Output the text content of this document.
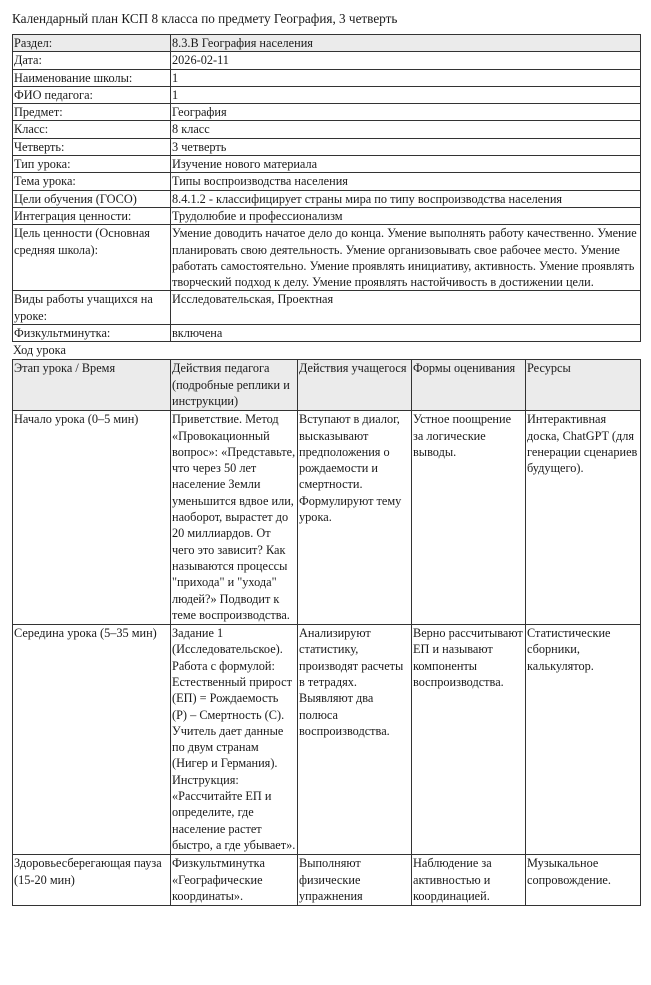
Календарный план КСП 8 класса по предмету География, 3 четверть
Раздел:	8.3.В География населения
Дата:	2026-02-11
Наименование школы:	1
ФИО педагога:	1
Предмет:	География
Класс:	8 класс
Четверть:	3 четверть
Тип урока:	Изучение нового материала
Тема урока:	Типы воспроизводства населения
Цели обучения (ГОСО)	8.4.1.2 - классифицирует страны мира по типу воспроизводства населения
Интеграция ценности:	Трудолюбие и профессионализм
Цель ценности (Основная средняя школа):	Умение доводить начатое дело до конца. Умение выполнять работу качественно. Умение планировать свою деятельность. Умение организовывать свое рабочее место. Умение работать самостоятельно. Умение проявлять инициативу, активность. Умение проявлять творческий подход к делу. Умение проявлять настойчивость в достижении цели.
Виды работы учащихся на уроке:	Исследовательская, Проектная
Физкультминутка:	включена
Ход урока
Этап урока / Время	Действия педагога (подробные реплики и инструкции)	Действия учащегося	Формы оценивания	Ресурсы
Начало урока (0–5 мин)	Приветствие. Метод «Провокационный вопрос»: «Представьте, что через 50 лет население Земли уменьшится вдвое или, наоборот, вырастет до 20 миллиардов. От чего это зависит? Как называются процессы "прихода" и "ухода" людей?» Подводит к теме воспроизводства.	Вступают в диалог, высказывают предположения о рождаемости и смертности. Формулируют тему урока.	Устное поощрение за логические выводы.	Интерактивная доска, ChatGPT (для генерации сценариев будущего).
Середина урока (5–35 мин)	Задание 1 (Исследовательское). Работа с формулой: Естественный прирост (ЕП) = Рождаемость (Р) – Смертность (С). Учитель дает данные по двум странам (Нигер и Германия). Инструкция: «Рассчитайте ЕП и определите, где население растет быстро, а где убывает».	Анализируют статистику, производят расчеты в тетрадях. Выявляют два полюса воспроизводства.	Верно рассчитывают ЕП и называют компоненты воспроизводства.	Статистические сборники, калькулятор.
Здоровьесберегающая пауза (15-20 мин)	Физкультминутка «Географические координаты».	Выполняют физические упражнения	Наблюдение за активностью и координацией.	Музыкальное сопровождение.
